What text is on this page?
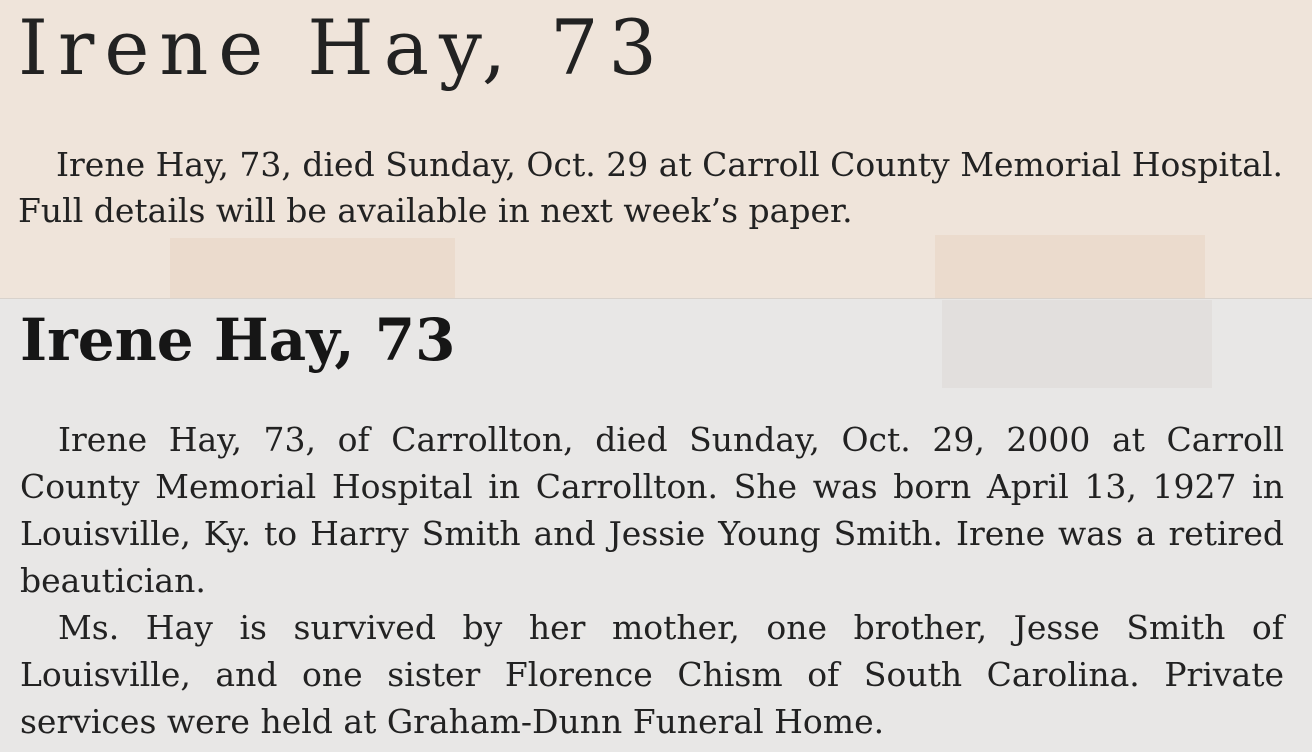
Irene Hay, 73

Irene Hay, 73, died Sunday, Oct. 29 at Carroll County Memorial Hospital. Full details will be available in next week’s paper.

Irene Hay, 73

Irene Hay, 73, of Carrollton, died Sunday, Oct. 29, 2000 at Carroll County Memorial Hospital in Carrollton. She was born April 13, 1927 in Louisville, Ky. to Harry Smith and Jessie Young Smith. Irene was a retired beautician.

Ms. Hay is survived by her mother, one brother, Jesse Smith of Louisville, and one sister Florence Chism of South Carolina. Private services were held at Graham-Dunn Funeral Home.
